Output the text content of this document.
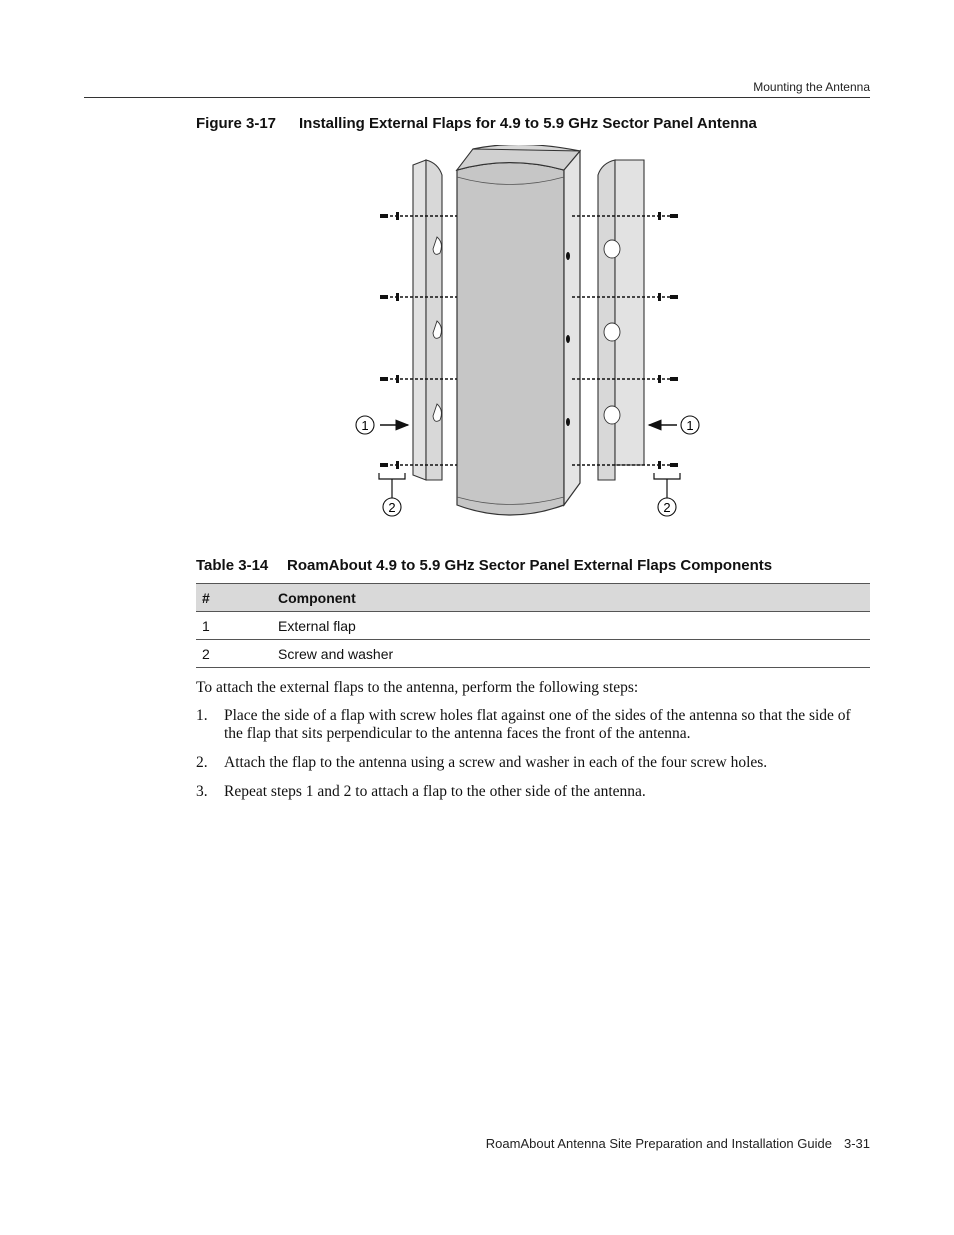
Mounting the Antenna
Figure 3-17 Installing External Flaps for 4.9 to 5.9 GHz Sector Panel Antenna
1	1
2	2
Table 3-14 RoamAbout 4.9 to 5.9 GHz Sector Panel External Flaps Components
#	Component
1	External flap
2	Screw and washer

To attach the external flaps to the antenna, perform the following steps:

1. Place the side of a flap with screw holes flat against one of the sides of the antenna so that the side of the flap that sits perpendicular to the antenna faces the front of the antenna.
2. Attach the flap to the antenna using a screw and washer in each of the four screw holes.
3. Repeat steps 1 and 2 to attach a flap to the other side of the antenna.
RoamAbout Antenna Site Preparation and Installation Guide 3-31
